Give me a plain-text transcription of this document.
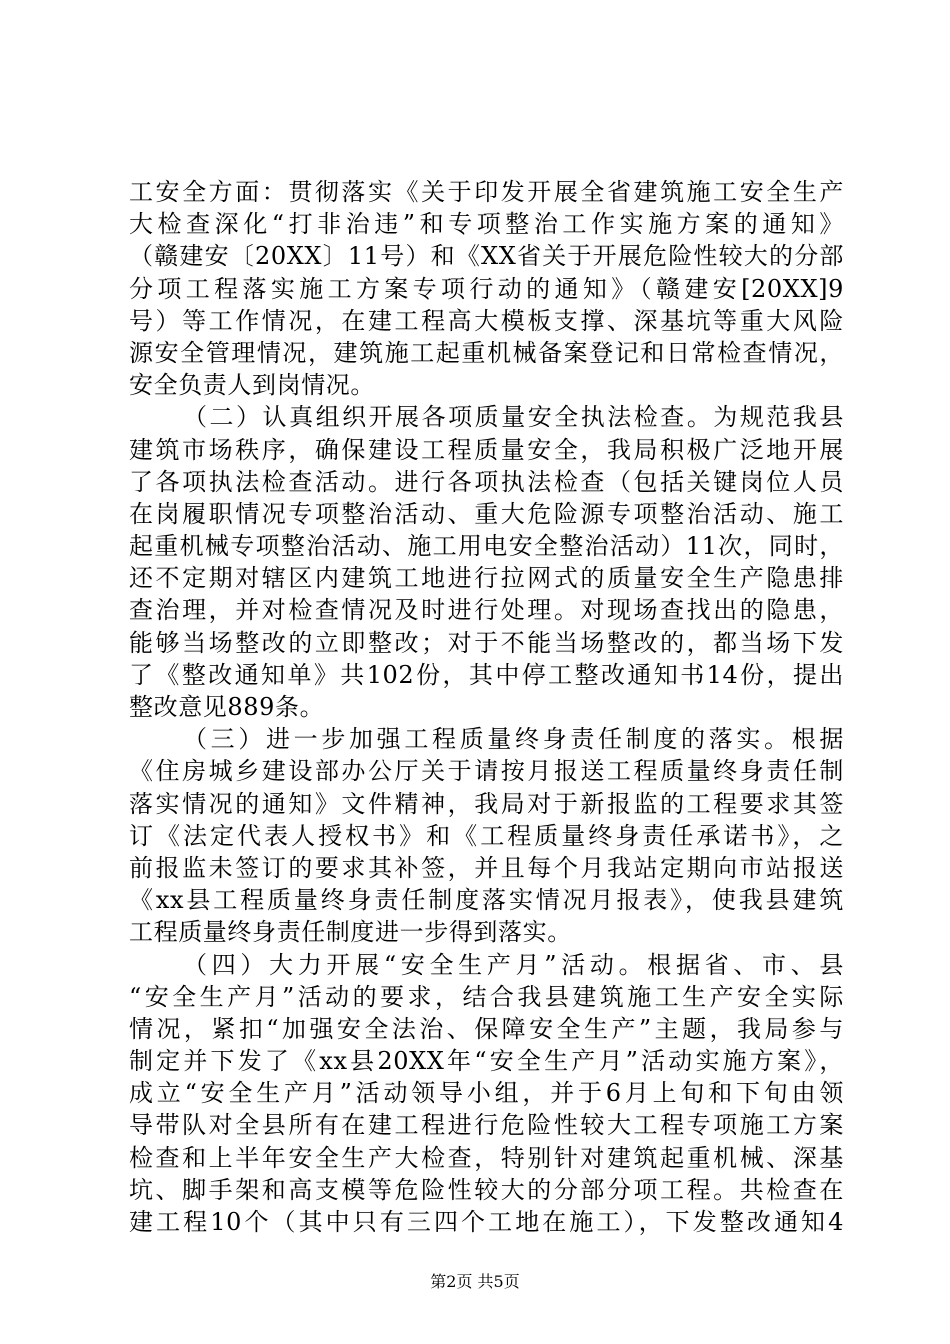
工安全方面：贯彻落实《关于印发开展全省建筑施工安全生产
大检查深化“打非治违”和专项整治工作实施方案的通知》
（赣建安〔20XX〕11号）和《XX省关于开展危险性较大的分部
分项工程落实施工方案专项行动的通知》（赣建安[20XX]9
号）等工作情况，在建工程高大模板支撑、深基坑等重大风险
源安全管理情况，建筑施工起重机械备案登记和日常检查情况，
安全负责人到岗情况。
（二）认真组织开展各项质量安全执法检查。为规范我县
建筑市场秩序，确保建设工程质量安全，我局积极广泛地开展
了各项执法检查活动。进行各项执法检查（包括关键岗位人员
在岗履职情况专项整治活动、重大危险源专项整治活动、施工
起重机械专项整治活动、施工用电安全整治活动）11次，同时，
还不定期对辖区内建筑工地进行拉网式的质量安全生产隐患排
查治理，并对检查情况及时进行处理。对现场查找出的隐患，
能够当场整改的立即整改；对于不能当场整改的，都当场下发
了《整改通知单》共102份，其中停工整改通知书14份，提出
整改意见889条。
（三）进一步加强工程质量终身责任制度的落实。根据
《住房城乡建设部办公厅关于请按月报送工程质量终身责任制
落实情况的通知》文件精神，我局对于新报监的工程要求其签
订《法定代表人授权书》和《工程质量终身责任承诺书》，之
前报监未签订的要求其补签，并且每个月我站定期向市站报送
《xx县工程质量终身责任制度落实情况月报表》，使我县建筑
工程质量终身责任制度进一步得到落实。
（四）大力开展“安全生产月”活动。根据省、市、县
“安全生产月”活动的要求，结合我县建筑施工生产安全实际
情况，紧扣“加强安全法治、保障安全生产”主题，我局参与
制定并下发了《xx县20XX年“安全生产月”活动实施方案》，
成立“安全生产月”活动领导小组，并于6月上旬和下旬由领
导带队对全县所有在建工程进行危险性较大工程专项施工方案
检查和上半年安全生产大检查，特别针对建筑起重机械、深基
坑、脚手架和高支模等危险性较大的分部分项工程。共检查在
建工程10个（其中只有三四个工地在施工），下发整改通知4
第2页 共5页
